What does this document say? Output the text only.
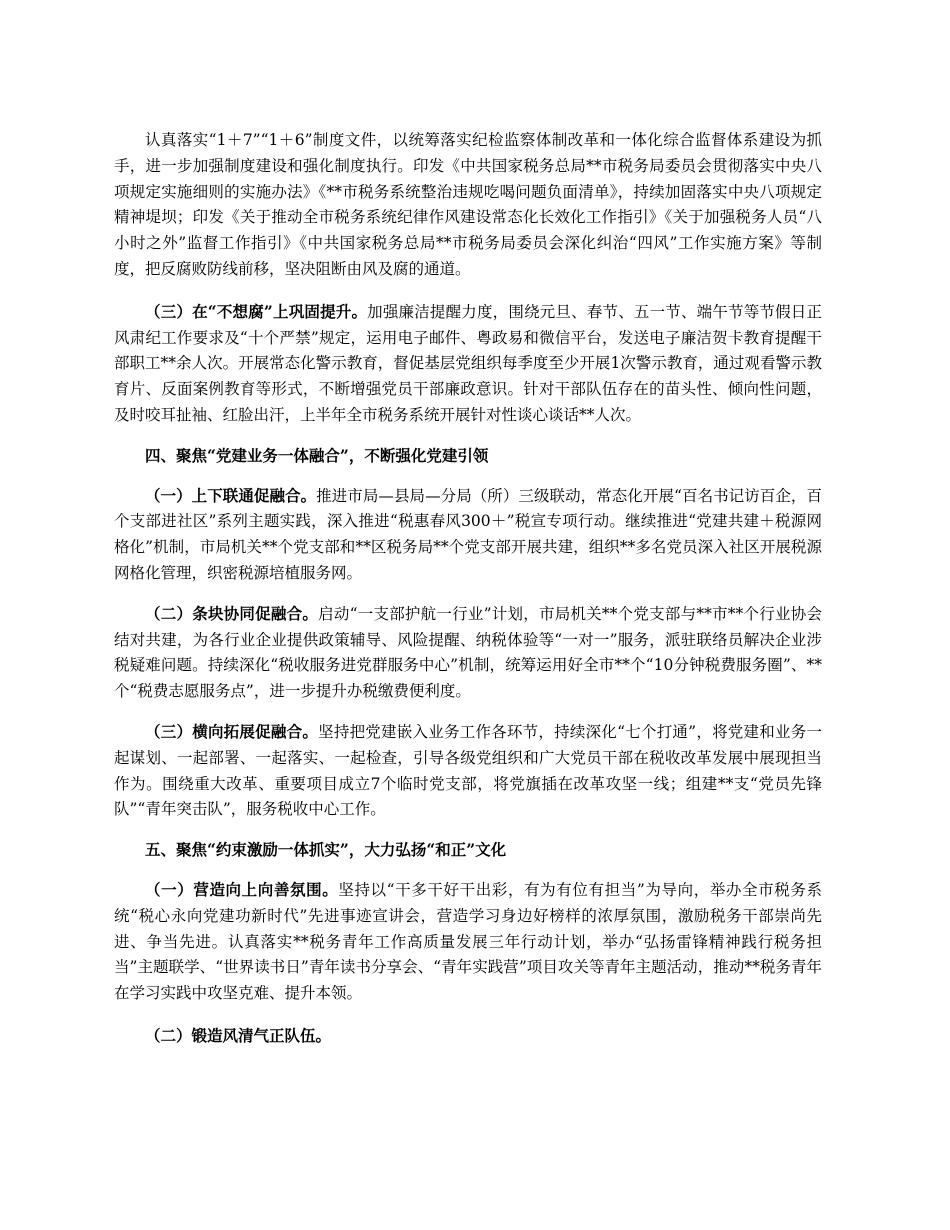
认真落实“1＋7”“1＋6”制度文件，以统筹落实纪检监察体制改革和一体化综合监督体系建设为抓手，进一步加强制度建设和强化制度执行。印发《中共国家税务总局**市税务局委员会贯彻落实中央八项规定实施细则的实施办法》《**市税务系统整治违规吃喝问题负面清单》，持续加固落实中央八项规定精神堤坝；印发《关于推动全市税务系统纪律作风建设常态化长效化工作指引》《关于加强税务人员“八小时之外”监督工作指引》《中共国家税务总局**市税务局委员会深化纠治“四风”工作实施方案》等制度，把反腐败防线前移，坚决阻断由风及腐的通道。

（三）在“不想腐”上巩固提升。加强廉洁提醒力度，围绕元旦、春节、五一节、端午节等节假日正风肃纪工作要求及“十个严禁”规定，运用电子邮件、粤政易和微信平台，发送电子廉洁贺卡教育提醒干部职工**余人次。开展常态化警示教育，督促基层党组织每季度至少开展1次警示教育，通过观看警示教育片、反面案例教育等形式，不断增强党员干部廉政意识。针对干部队伍存在的苗头性、倾向性问题，及时咬耳扯袖、红脸出汗，上半年全市税务系统开展针对性谈心谈话**人次。

四、聚焦“党建业务一体融合”，不断强化党建引领

（一）上下联通促融合。推进市局—县局—分局（所）三级联动，常态化开展“百名书记访百企，百个支部进社区”系列主题实践，深入推进“税惠春风300＋”税宣专项行动。继续推进“党建共建＋税源网格化”机制，市局机关**个党支部和**区税务局**个党支部开展共建，组织**多名党员深入社区开展税源网格化管理，织密税源培植服务网。

（二）条块协同促融合。启动“一支部护航一行业”计划，市局机关**个党支部与**市**个行业协会结对共建，为各行业企业提供政策辅导、风险提醒、纳税体验等“一对一”服务，派驻联络员解决企业涉税疑难问题。持续深化“税收服务进党群服务中心”机制，统筹运用好全市**个“10分钟税费服务圈”、**个“税费志愿服务点”，进一步提升办税缴费便利度。

（三）横向拓展促融合。坚持把党建嵌入业务工作各环节，持续深化“七个打通”，将党建和业务一起谋划、一起部署、一起落实、一起检查，引导各级党组织和广大党员干部在税收改革发展中展现担当作为。围绕重大改革、重要项目成立7个临时党支部，将党旗插在改革攻坚一线；组建**支“党员先锋队”“青年突击队”，服务税收中心工作。

五、聚焦“约束激励一体抓实”，大力弘扬“和正”文化

（一）营造向上向善氛围。坚持以“干多干好干出彩，有为有位有担当”为导向，举办全市税务系统“税心永向党建功新时代”先进事迹宣讲会，营造学习身边好榜样的浓厚氛围，激励税务干部崇尚先进、争当先进。认真落实**税务青年工作高质量发展三年行动计划，举办“弘扬雷锋精神践行税务担当”主题联学、“世界读书日”青年读书分享会、“青年实践营”项目攻关等青年主题活动，推动**税务青年在学习实践中攻坚克难、提升本领。

（二）锻造风清气正队伍。
